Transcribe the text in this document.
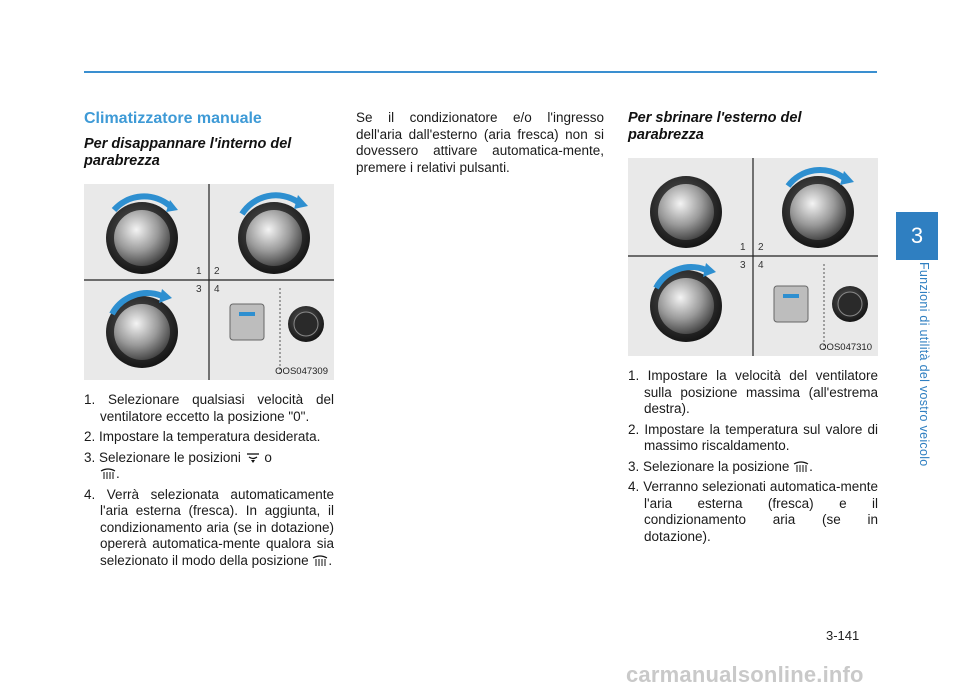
3
Funzioni di utilità del vostro veicolo
Climatizzatore manuale
Per disappannare l'interno del parabrezza
1 2
3 4
OOS047309
1. Selezionare qualsiasi velocità del ventilatore eccetto la posizione "0".
2. Impostare la temperatura desiderata.
3. Selezionare le posizioni o
.
4. Verrà selezionata automaticamente l'aria esterna (fresca). In aggiunta, il condizionamento aria (se in dotazione) opererà automatica-mente qualora sia selezionato il modo della posizione .

Se il condizionatore e/o l'ingresso dell'aria dall'esterno (aria fresca) non si dovessero attivare automatica-mente, premere i relativi pulsanti.

Per sbrinare l'esterno del parabrezza
1 2
3 4
OOS047310
1. Impostare la velocità del ventilatore sulla posizione massima (all'estrema destra).
2. Impostare la temperatura sul valore di massimo riscaldamento.
3. Selezionare la posizione .
4. Verranno selezionati automatica-mente l'aria esterna (fresca) e il condizionamento aria (se in dotazione).
3-141
carmanualsonline.info
